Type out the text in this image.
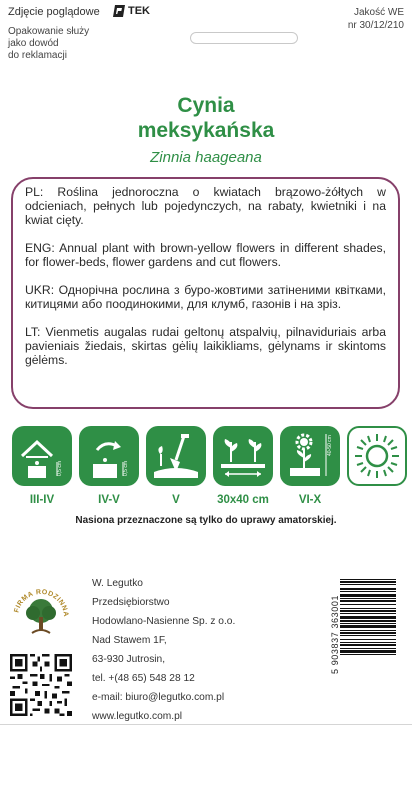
Zdjęcie poglądowe	TEK
Opakowanie służy
jako dowód
do reklamacji
Jakość WE
nr 30/12/210
Cynia
meksykańska
Zinnia haageana

PL: Roślina jednoroczna o kwiatach brązowo-żółtych w odcieniach, pełnych lub pojedynczych, na rabaty, kwietniki i na kwiat cięty.

ENG: Annual plant with brown-yellow flowers in different shades, for flower-beds, flower gardens and cut flowers.

UKR: Однорічна рослина з буро-жовтими затіненими квітками, китицями або поодинокими, для клумб, газонів і на зріз.

LT: Vienmetis augalas rudai geltonų atspalvių, pilnaviduriais arba pavieniais žiedais, skirtas gėlių laikikliams, gėlynams ir skintoms gėlėms.

0,5 cm	0,5 cm
40-50 cm
III-IV	IV-V	V	30x40 cm	VI-X
Nasiona przeznaczone są tylko do uprawy amatorskiej.
FIRMA RODZINNA
W. Legutko
Przedsiębiorstwo
Hodowlano-Nasienne Sp. z o.o.
Nad Stawem 1F,
63-930 Jutrosin,
tel. +(48 65) 548 28 12
e-mail: biuro@legutko.com.pl
www.legutko.com.pl
5 903837 363001
